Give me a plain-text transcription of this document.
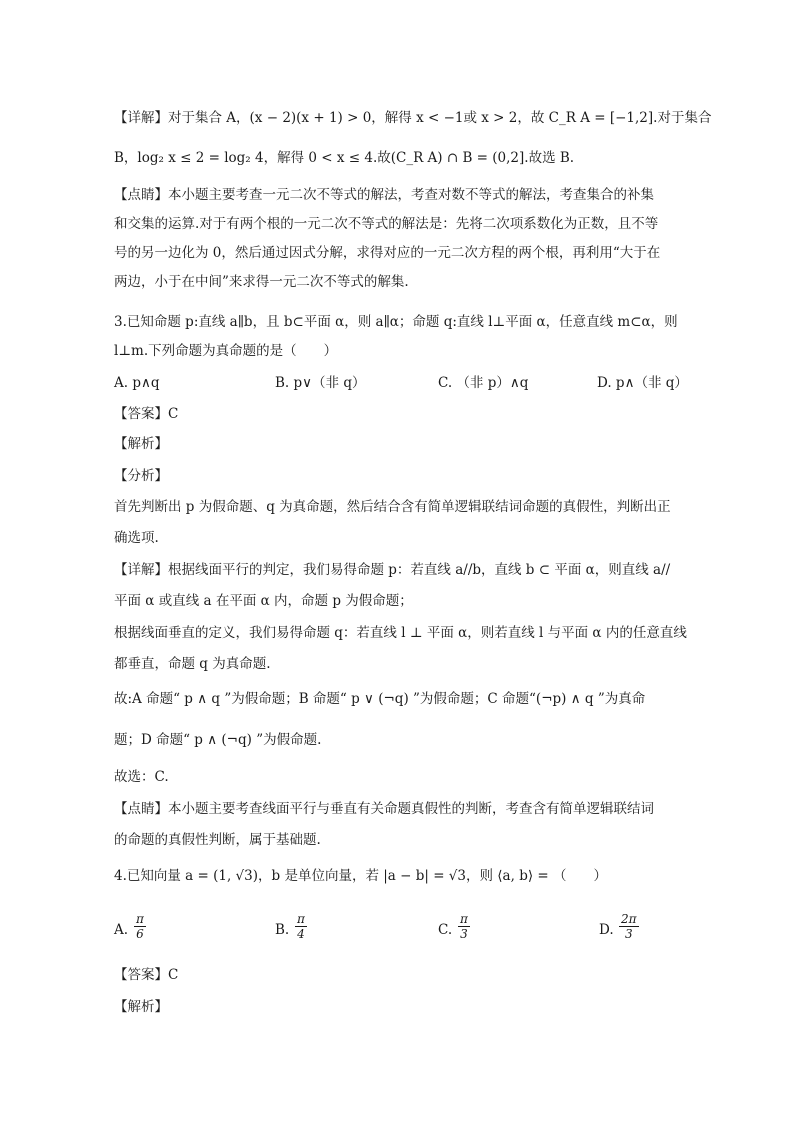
【详解】对于集合 A，(x − 2)(x + 1) > 0，解得 x < −1或 x > 2，故 C_R A = [−1,2].对于集合
B，log₂ x ≤ 2 = log₂ 4，解得 0 < x ≤ 4.故(C_R A) ∩ B = (0,2].故选 B.
【点睛】本小题主要考查一元二次不等式的解法，考查对数不等式的解法，考查集合的补集
和交集的运算.对于有两个根的一元二次不等式的解法是：先将二次项系数化为正数，且不等
号的另一边化为 0，然后通过因式分解，求得对应的一元二次方程的两个根，再利用“大于在
两边，小于在中间”来求得一元二次不等式的解集.
3.已知命题 p:直线 a∥b，且 b⊂平面 α，则 a∥α；命题 q:直线 l⊥平面 α，任意直线 m⊂α，则
l⊥m.下列命题为真命题的是（　　）
A. p∧q	B. p∨（非 q）	C. （非 p）∧q	D. p∧（非 q）
【答案】C
【解析】
【分析】
首先判断出 p 为假命题、q 为真命题，然后结合含有简单逻辑联结词命题的真假性，判断出正
确选项.
【详解】根据线面平行的判定，我们易得命题 p：若直线 a//b，直线 b ⊂ 平面 α，则直线 a//
平面 α 或直线 a 在平面 α 内，命题 p 为假命题；
根据线面垂直的定义，我们易得命题 q：若直线 l ⊥ 平面 α，则若直线 l 与平面 α 内的任意直线
都垂直，命题 q 为真命题.
故:A 命题“ p ∧ q ”为假命题；B 命题“ p ∨ (¬q) ”为假命题；C 命题“(¬p) ∧ q ”为真命
题；D 命题“ p ∧ (¬q) ”为假命题.
故选：C.
【点睛】本小题主要考查线面平行与垂直有关命题真假性的判断，考查含有简单逻辑联结词
的命题的真假性判断，属于基础题.
4.已知向量 a = (1, √3)，b 是单位向量，若 |a − b| = √3，则 ⟨a, b⟩ = （　　）
A. $\frac{\pi}{6}$	B. $\frac{\pi}{4}$	C. $\frac{\pi}{3}$	D. $\frac{2\pi}{3}$
【答案】C
【解析】
